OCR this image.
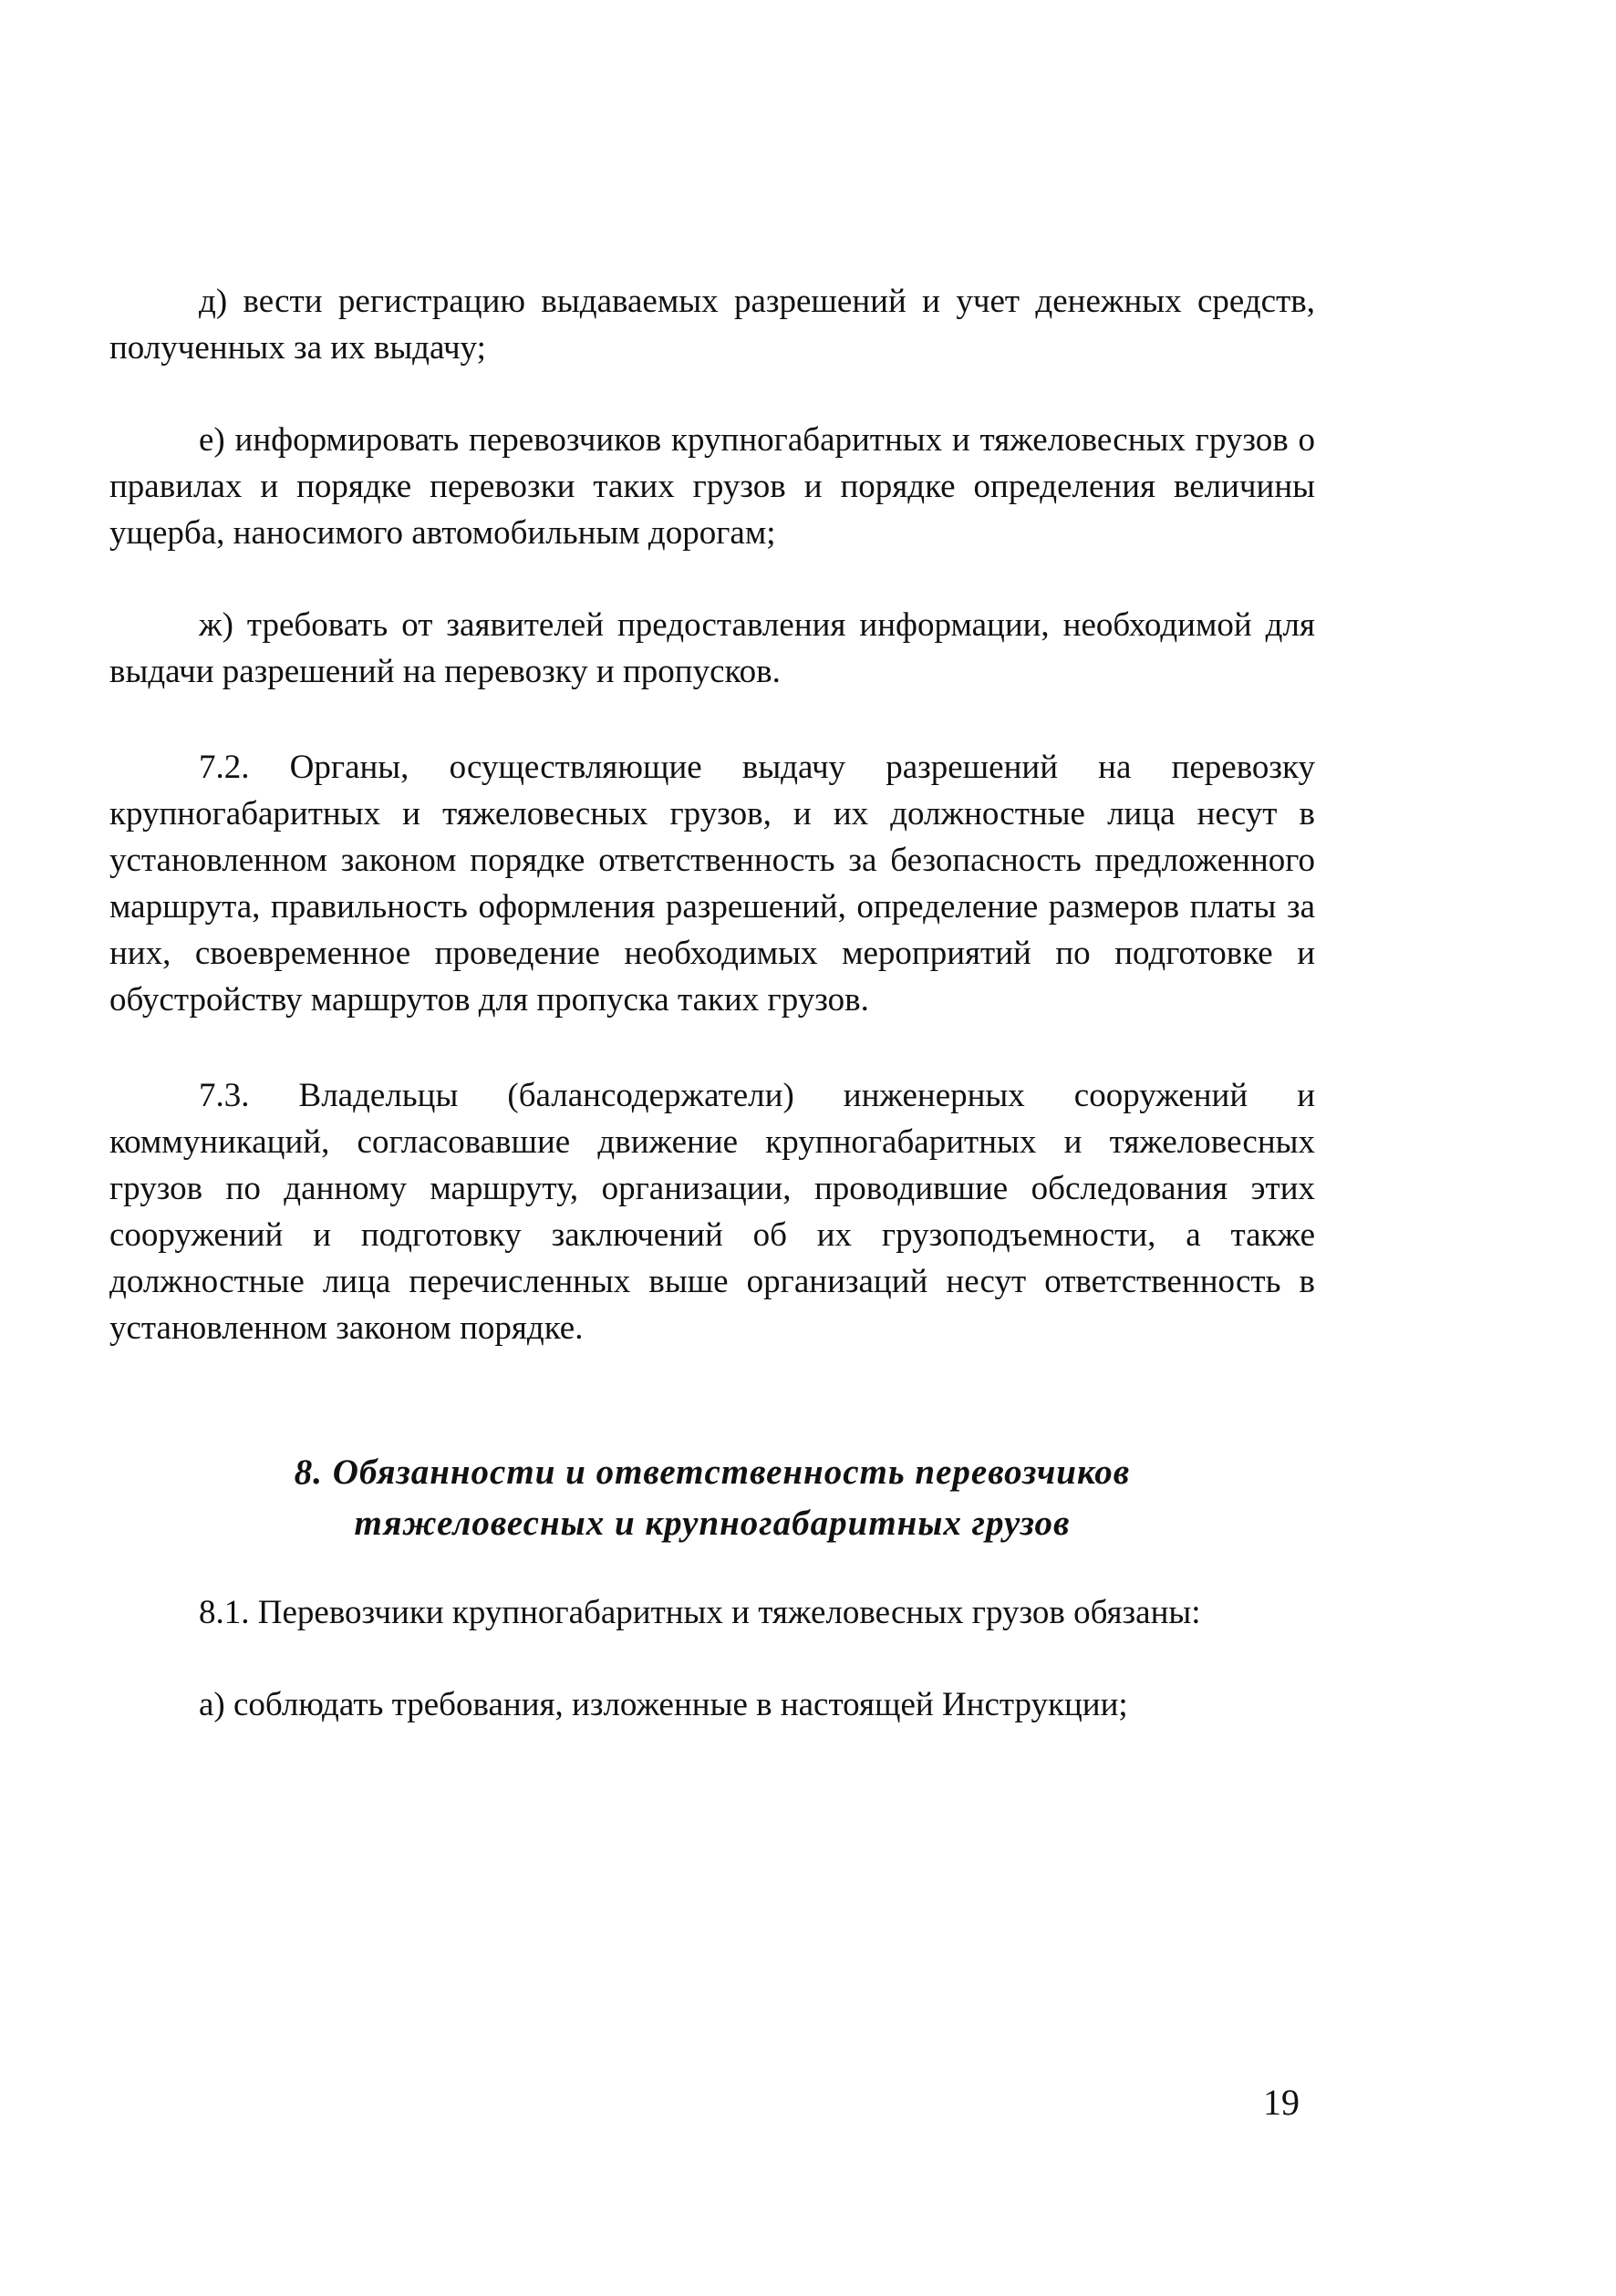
д) вести регистрацию выдаваемых разрешений и учет денежных средств, полученных за их выдачу;

е) информировать перевозчиков крупногабаритных и тяжеловесных грузов о правилах и порядке перевозки таких грузов и порядке определения величины ущерба, наносимого автомобильным дорогам;

ж) требовать от заявителей предоставления информации, необходимой для выдачи разрешений на перевозку и пропусков.

7.2. Органы, осуществляющие выдачу разрешений на перевозку крупногабаритных и тяжеловесных грузов, и их должностные лица несут в установленном законом порядке ответственность за безопасность предложенного маршрута, правильность оформления разрешений, определение размеров платы за них, своевременное проведение необходимых мероприятий по подготовке и обустройству маршрутов для пропуска таких грузов.

7.3. Владельцы (балансодержатели) инженерных сооружений и коммуникаций, согласовавшие движение крупногабаритных и тяжеловесных грузов по данному маршруту, организации, проводившие обследования этих сооружений и подготовку заключений об их грузоподъемности, а также должностные лица перечисленных выше организаций несут ответственность в установленном законом порядке.

8. Обязанности и ответственность перевозчиков
тяжеловесных и крупногабаритных грузов

8.1. Перевозчики крупногабаритных и тяжеловесных грузов обязаны:

а) соблюдать требования, изложенные в настоящей Инструкции;

19
